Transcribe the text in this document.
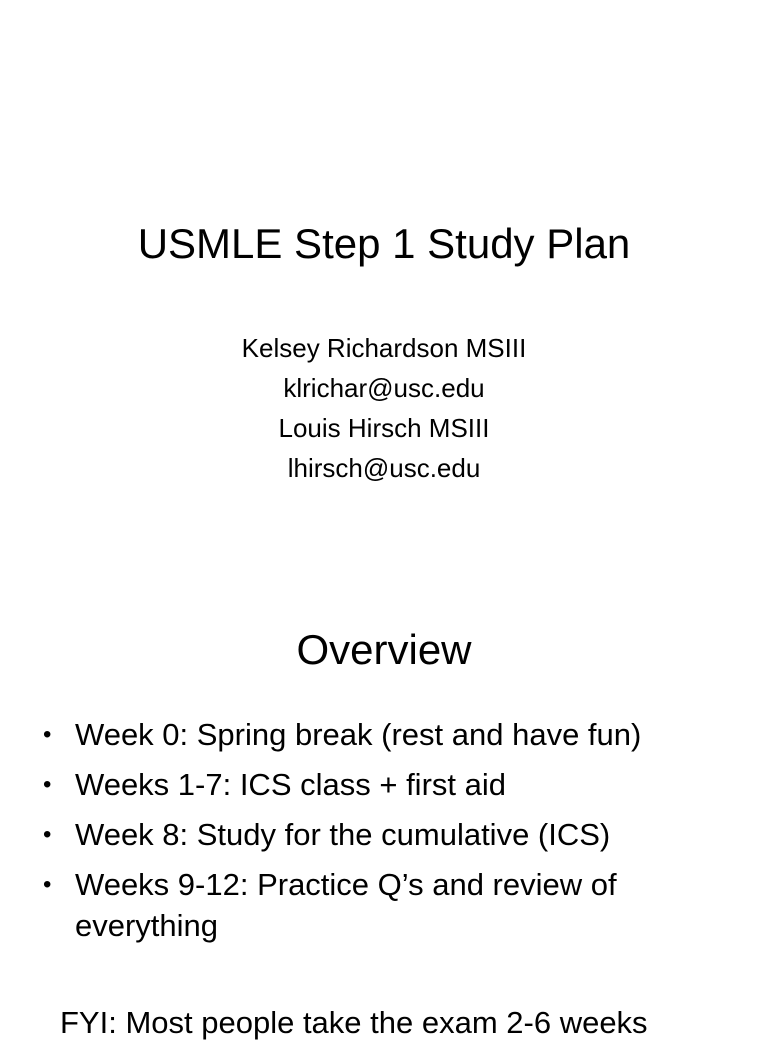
USMLE Step 1 Study Plan
Kelsey Richardson MSIII
klrichar@usc.edu
Louis Hirsch MSIII
lhirsch@usc.edu
Overview
• Week 0: Spring break (rest and have fun)
• Weeks 1-7: ICS class + first aid
• Week 8: Study for the cumulative (ICS)
• Weeks 9-12: Practice Q’s and review of everything
FYI: Most people take the exam 2-6 weeks
